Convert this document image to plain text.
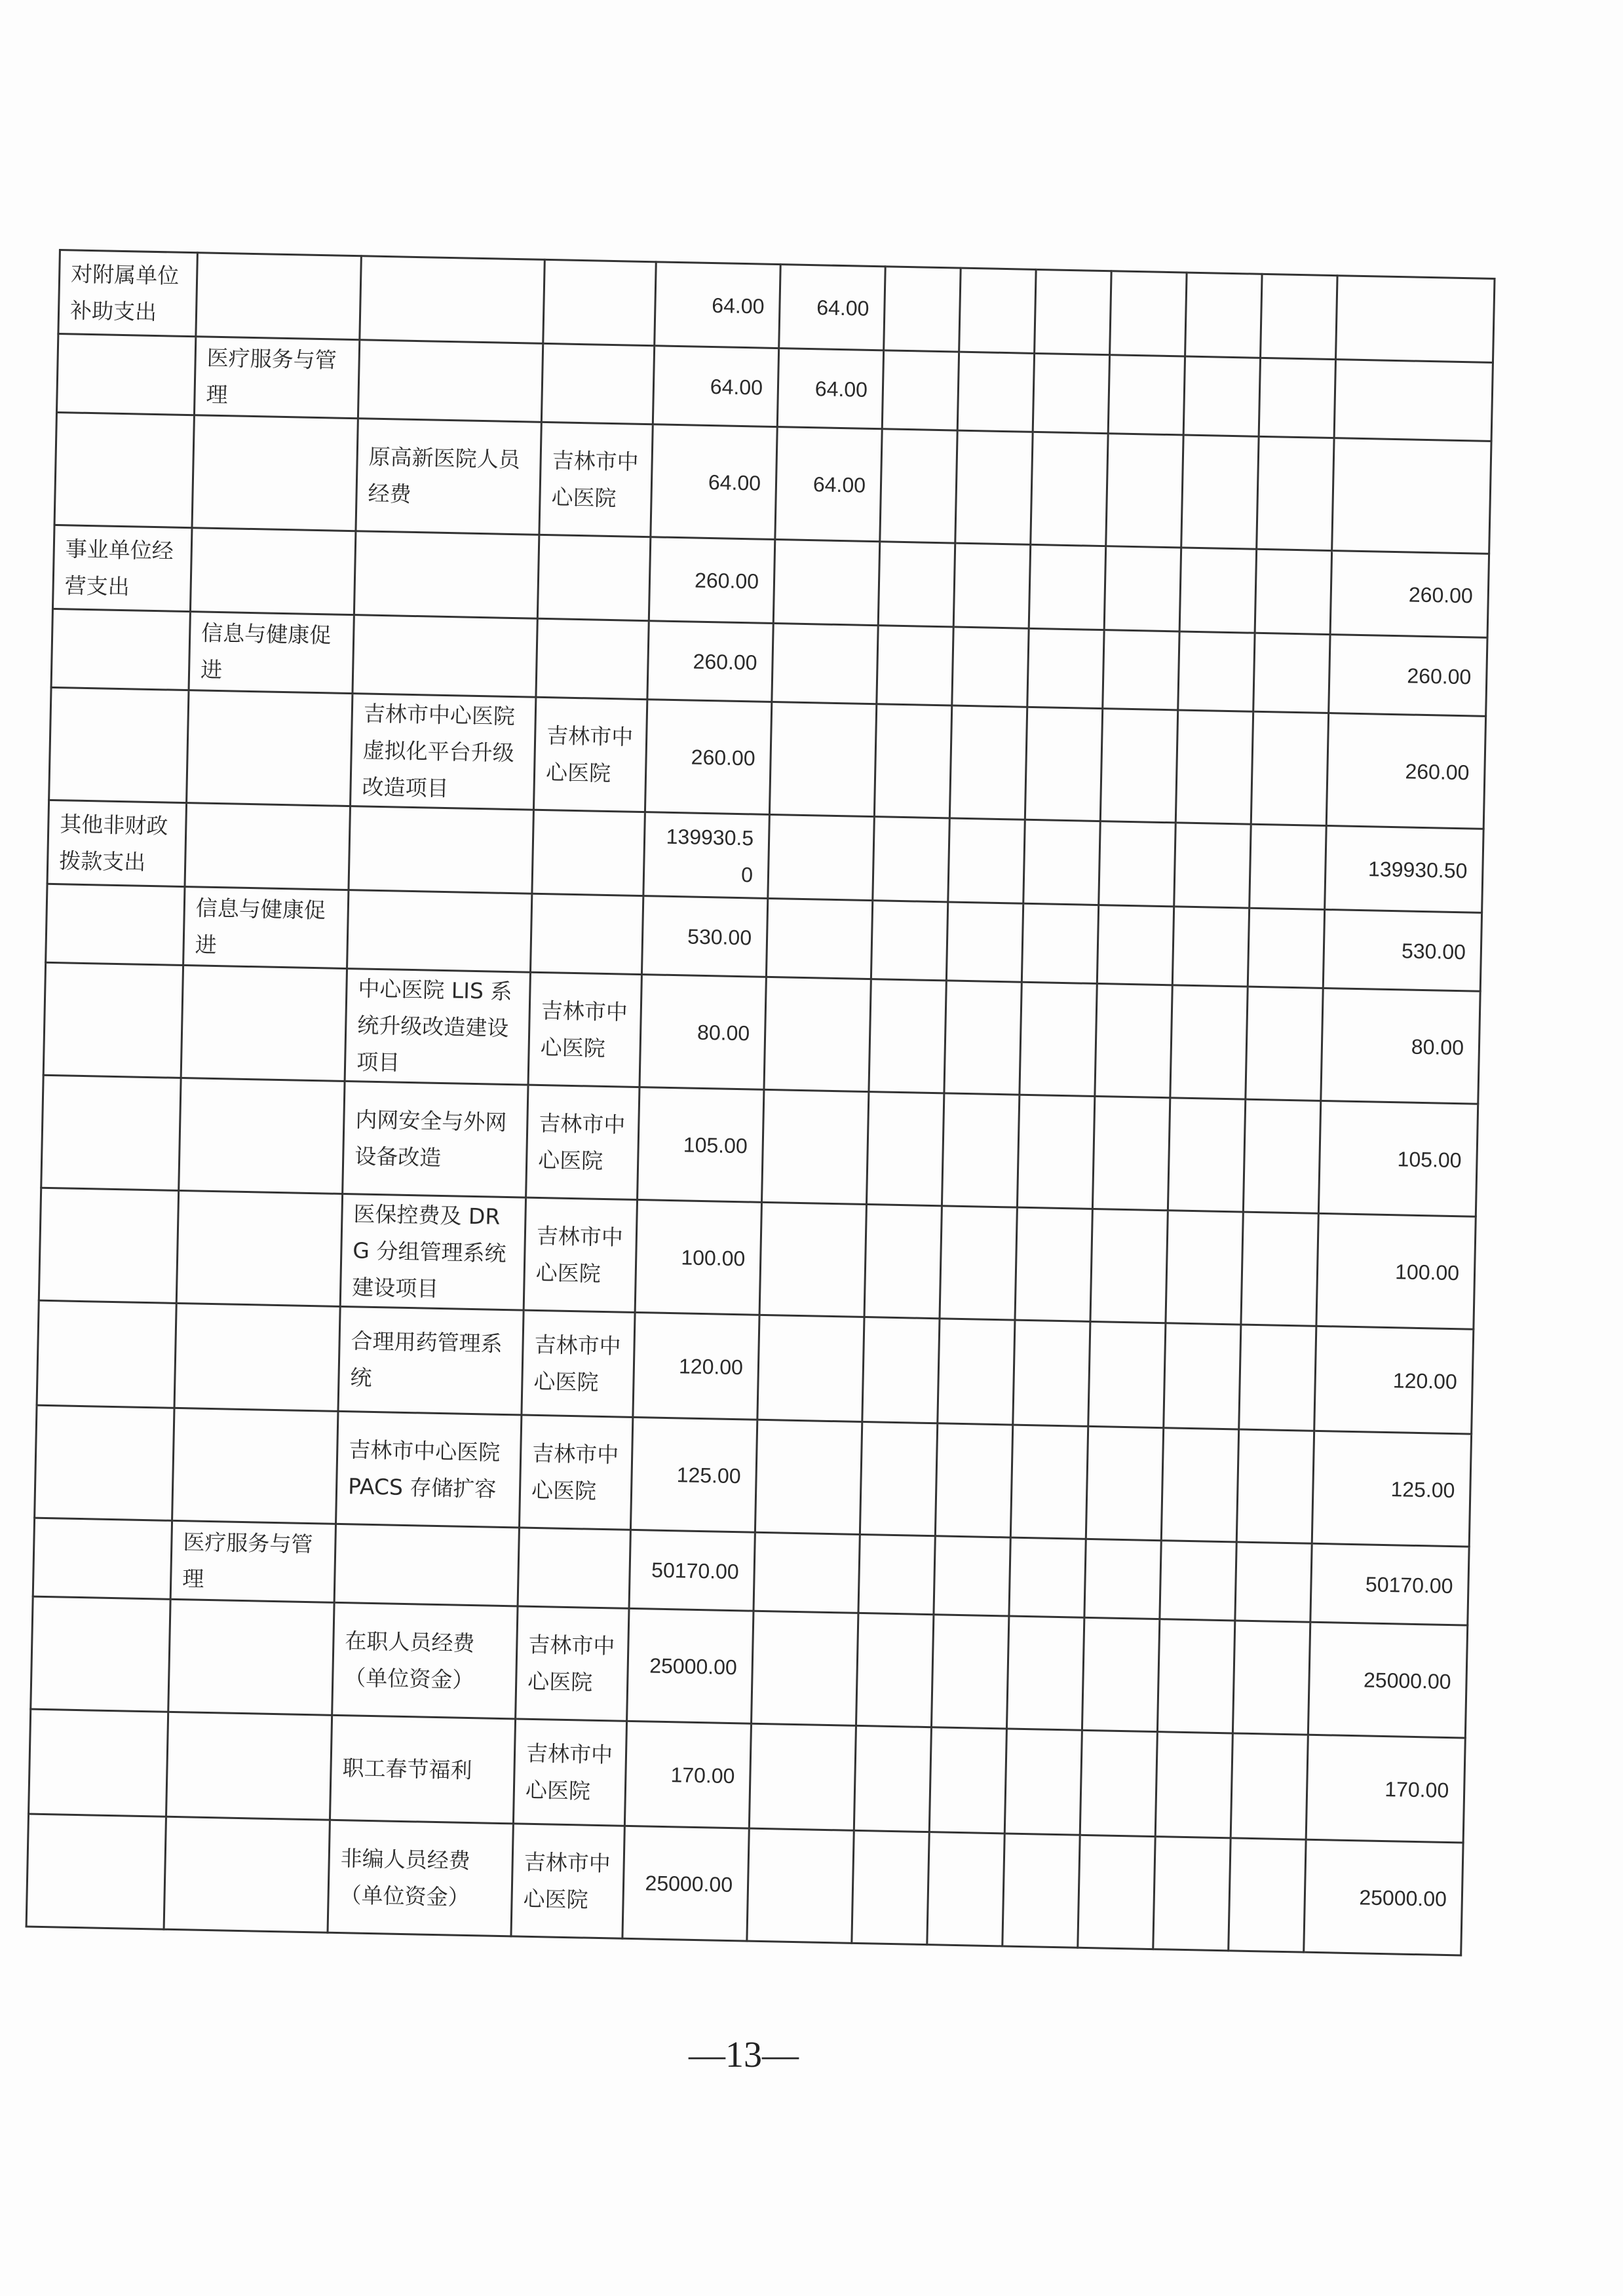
对附属单位补助支出				64.00	64.00							
	医疗服务与管理			64.00	64.00							
		原高新医院人员经费	吉林市中心医院	64.00	64.00							
事业单位经营支出				260.00								260.00
	信息与健康促进			260.00								260.00
		吉林市中心医院虚拟化平台升级改造项目	吉林市中心医院	260.00								260.00
其他非财政拨款支出				139930.50								139930.50
	信息与健康促进			530.00								530.00
		中心医院 LIS 系统升级改造建设项目	吉林市中心医院	80.00								80.00
		内网安全与外网设备改造	吉林市中心医院	105.00								105.00
		医保控费及 DRG 分组管理系统建设项目	吉林市中心医院	100.00								100.00
		合理用药管理系统	吉林市中心医院	120.00								120.00
		吉林市中心医院 PACS 存储扩容	吉林市中心医院	125.00								125.00
	医疗服务与管理			50170.00								50170.00
		在职人员经费（单位资金）	吉林市中心医院	25000.00								25000.00
		职工春节福利	吉林市中心医院	170.00								170.00
		非编人员经费（单位资金）	吉林市中心医院	25000.00								25000.00
—13—
